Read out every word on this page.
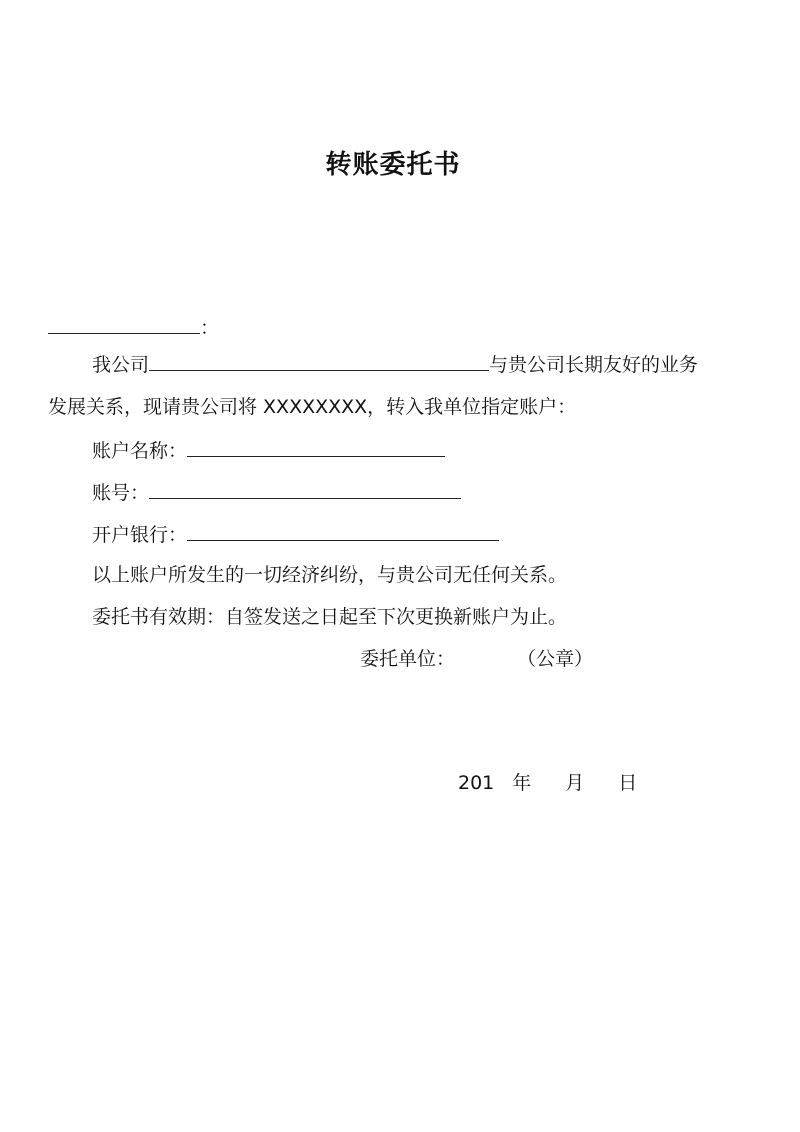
转账委托书
：
我公司	与贵公司长期友好的业务
发展关系，现请贵公司将 XXXXXXXX，转入我单位指定账户：
账户名称：
账号：
开户银行：
以上账户所发生的一切经济纠纷，与贵公司无任何关系。
委托书有效期：自签发送之日起至下次更换新账户为止。
委托单位：	（公章）
201 年 月 日
